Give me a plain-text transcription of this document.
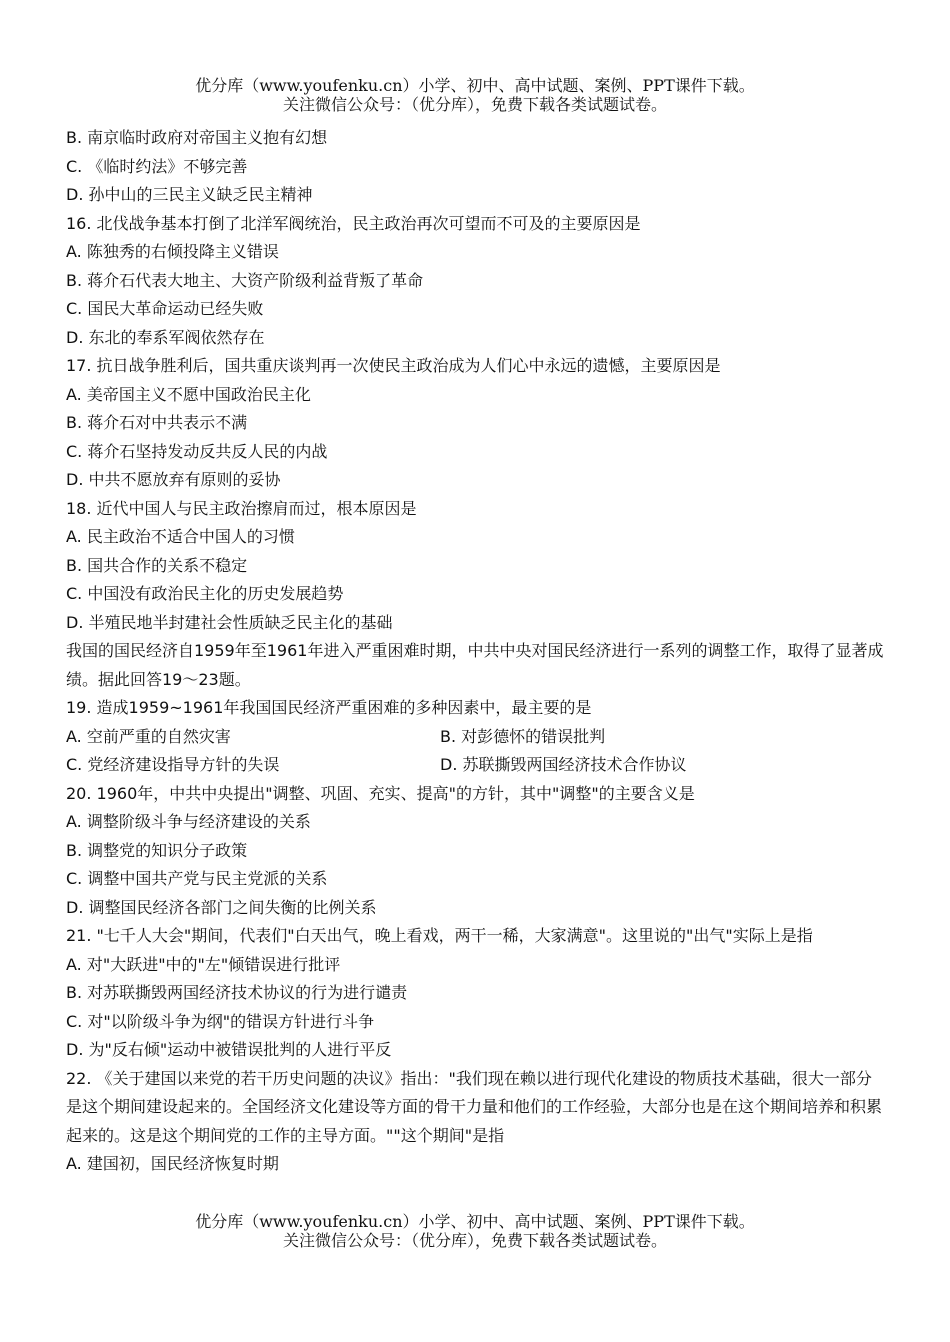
优分库（www.youfenku.cn）小学、初中、高中试题、案例、PPT课件下载。
关注微信公众号：（优分库），免费下载各类试题试卷。
B. 南京临时政府对帝国主义抱有幻想
C. 《临时约法》不够完善
D. 孙中山的三民主义缺乏民主精神
16. 北伐战争基本打倒了北洋军阀统治，民主政治再次可望而不可及的主要原因是
A. 陈独秀的右倾投降主义错误
B. 蒋介石代表大地主、大资产阶级利益背叛了革命
C. 国民大革命运动已经失败
D. 东北的奉系军阀依然存在
17. 抗日战争胜利后，国共重庆谈判再一次使民主政治成为人们心中永远的遗憾，主要原因是
A. 美帝国主义不愿中国政治民主化
B. 蒋介石对中共表示不满
C. 蒋介石坚持发动反共反人民的内战
D. 中共不愿放弃有原则的妥协
18. 近代中国人与民主政治擦肩而过，根本原因是
A. 民主政治不适合中国人的习惯
B. 国共合作的关系不稳定
C. 中国没有政治民主化的历史发展趋势
D. 半殖民地半封建社会性质缺乏民主化的基础
我国的国民经济自1959年至1961年进入严重困难时期，中共中央对国民经济进行一系列的调整工作，取得了显著成绩。据此回答19～23题。
19. 造成1959~1961年我国国民经济严重困难的多种因素中，最主要的是
A. 空前严重的自然灾害	B. 对彭德怀的错误批判
C. 党经济建设指导方针的失误	D. 苏联撕毁两国经济技术合作协议
20. 1960年，中共中央提出"调整、巩固、充实、提高"的方针，其中"调整"的主要含义是
A. 调整阶级斗争与经济建设的关系
B. 调整党的知识分子政策
C. 调整中国共产党与民主党派的关系
D. 调整国民经济各部门之间失衡的比例关系
21. "七千人大会"期间，代表们"白天出气，晚上看戏，两干一稀，大家满意"。这里说的"出气"实际上是指
A. 对"大跃进"中的"左"倾错误进行批评
B. 对苏联撕毁两国经济技术协议的行为进行谴责
C. 对"以阶级斗争为纲"的错误方针进行斗争
D. 为"反右倾"运动中被错误批判的人进行平反
22. 《关于建国以来党的若干历史问题的决议》指出："我们现在赖以进行现代化建设的物质技术基础，很大一部分是这个期间建设起来的。全国经济文化建设等方面的骨干力量和他们的工作经验，大部分也是在这个期间培养和积累起来的。这是这个期间党的工作的主导方面。""这个期间"是指
A. 建国初，国民经济恢复时期
优分库（www.youfenku.cn）小学、初中、高中试题、案例、PPT课件下载。
关注微信公众号：（优分库），免费下载各类试题试卷。
